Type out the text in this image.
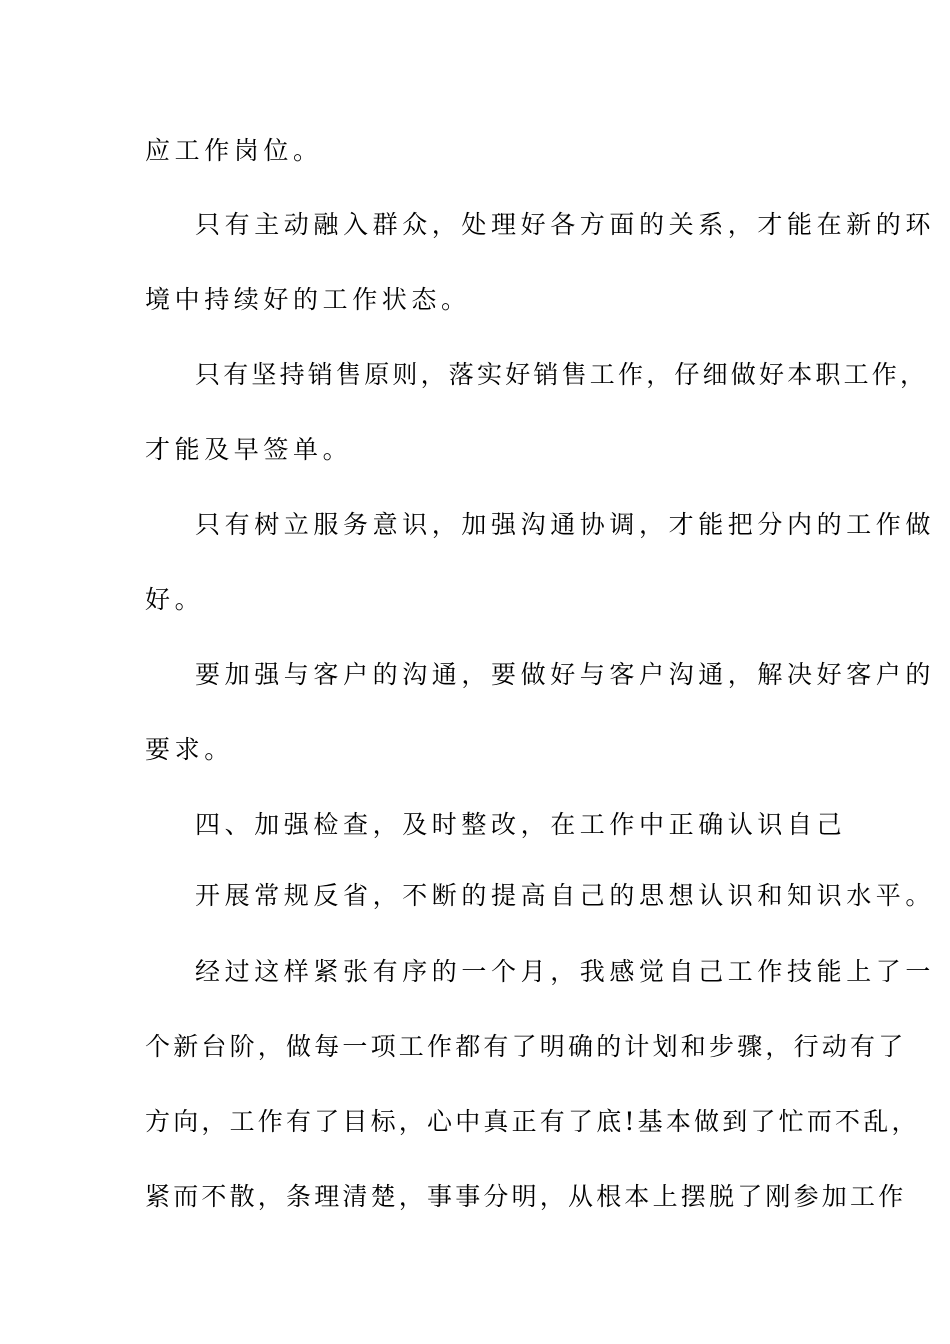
应工作岗位。
只有主动融入群众，处理好各方面的关系，才能在新的环
境中持续好的工作状态。
只有坚持销售原则，落实好销售工作，仔细做好本职工作，
才能及早签单。
只有树立服务意识，加强沟通协调，才能把分内的工作做
好。
要加强与客户的沟通，要做好与客户沟通，解决好客户的
要求。
四、加强检查，及时整改，在工作中正确认识自己
开展常规反省，不断的提高自己的思想认识和知识水平。
经过这样紧张有序的一个月，我感觉自己工作技能上了一
个新台阶，做每一项工作都有了明确的计划和步骤，行动有了
方向，工作有了目标，心中真正有了底!基本做到了忙而不乱，
紧而不散，条理清楚，事事分明，从根本上摆脱了刚参加工作
